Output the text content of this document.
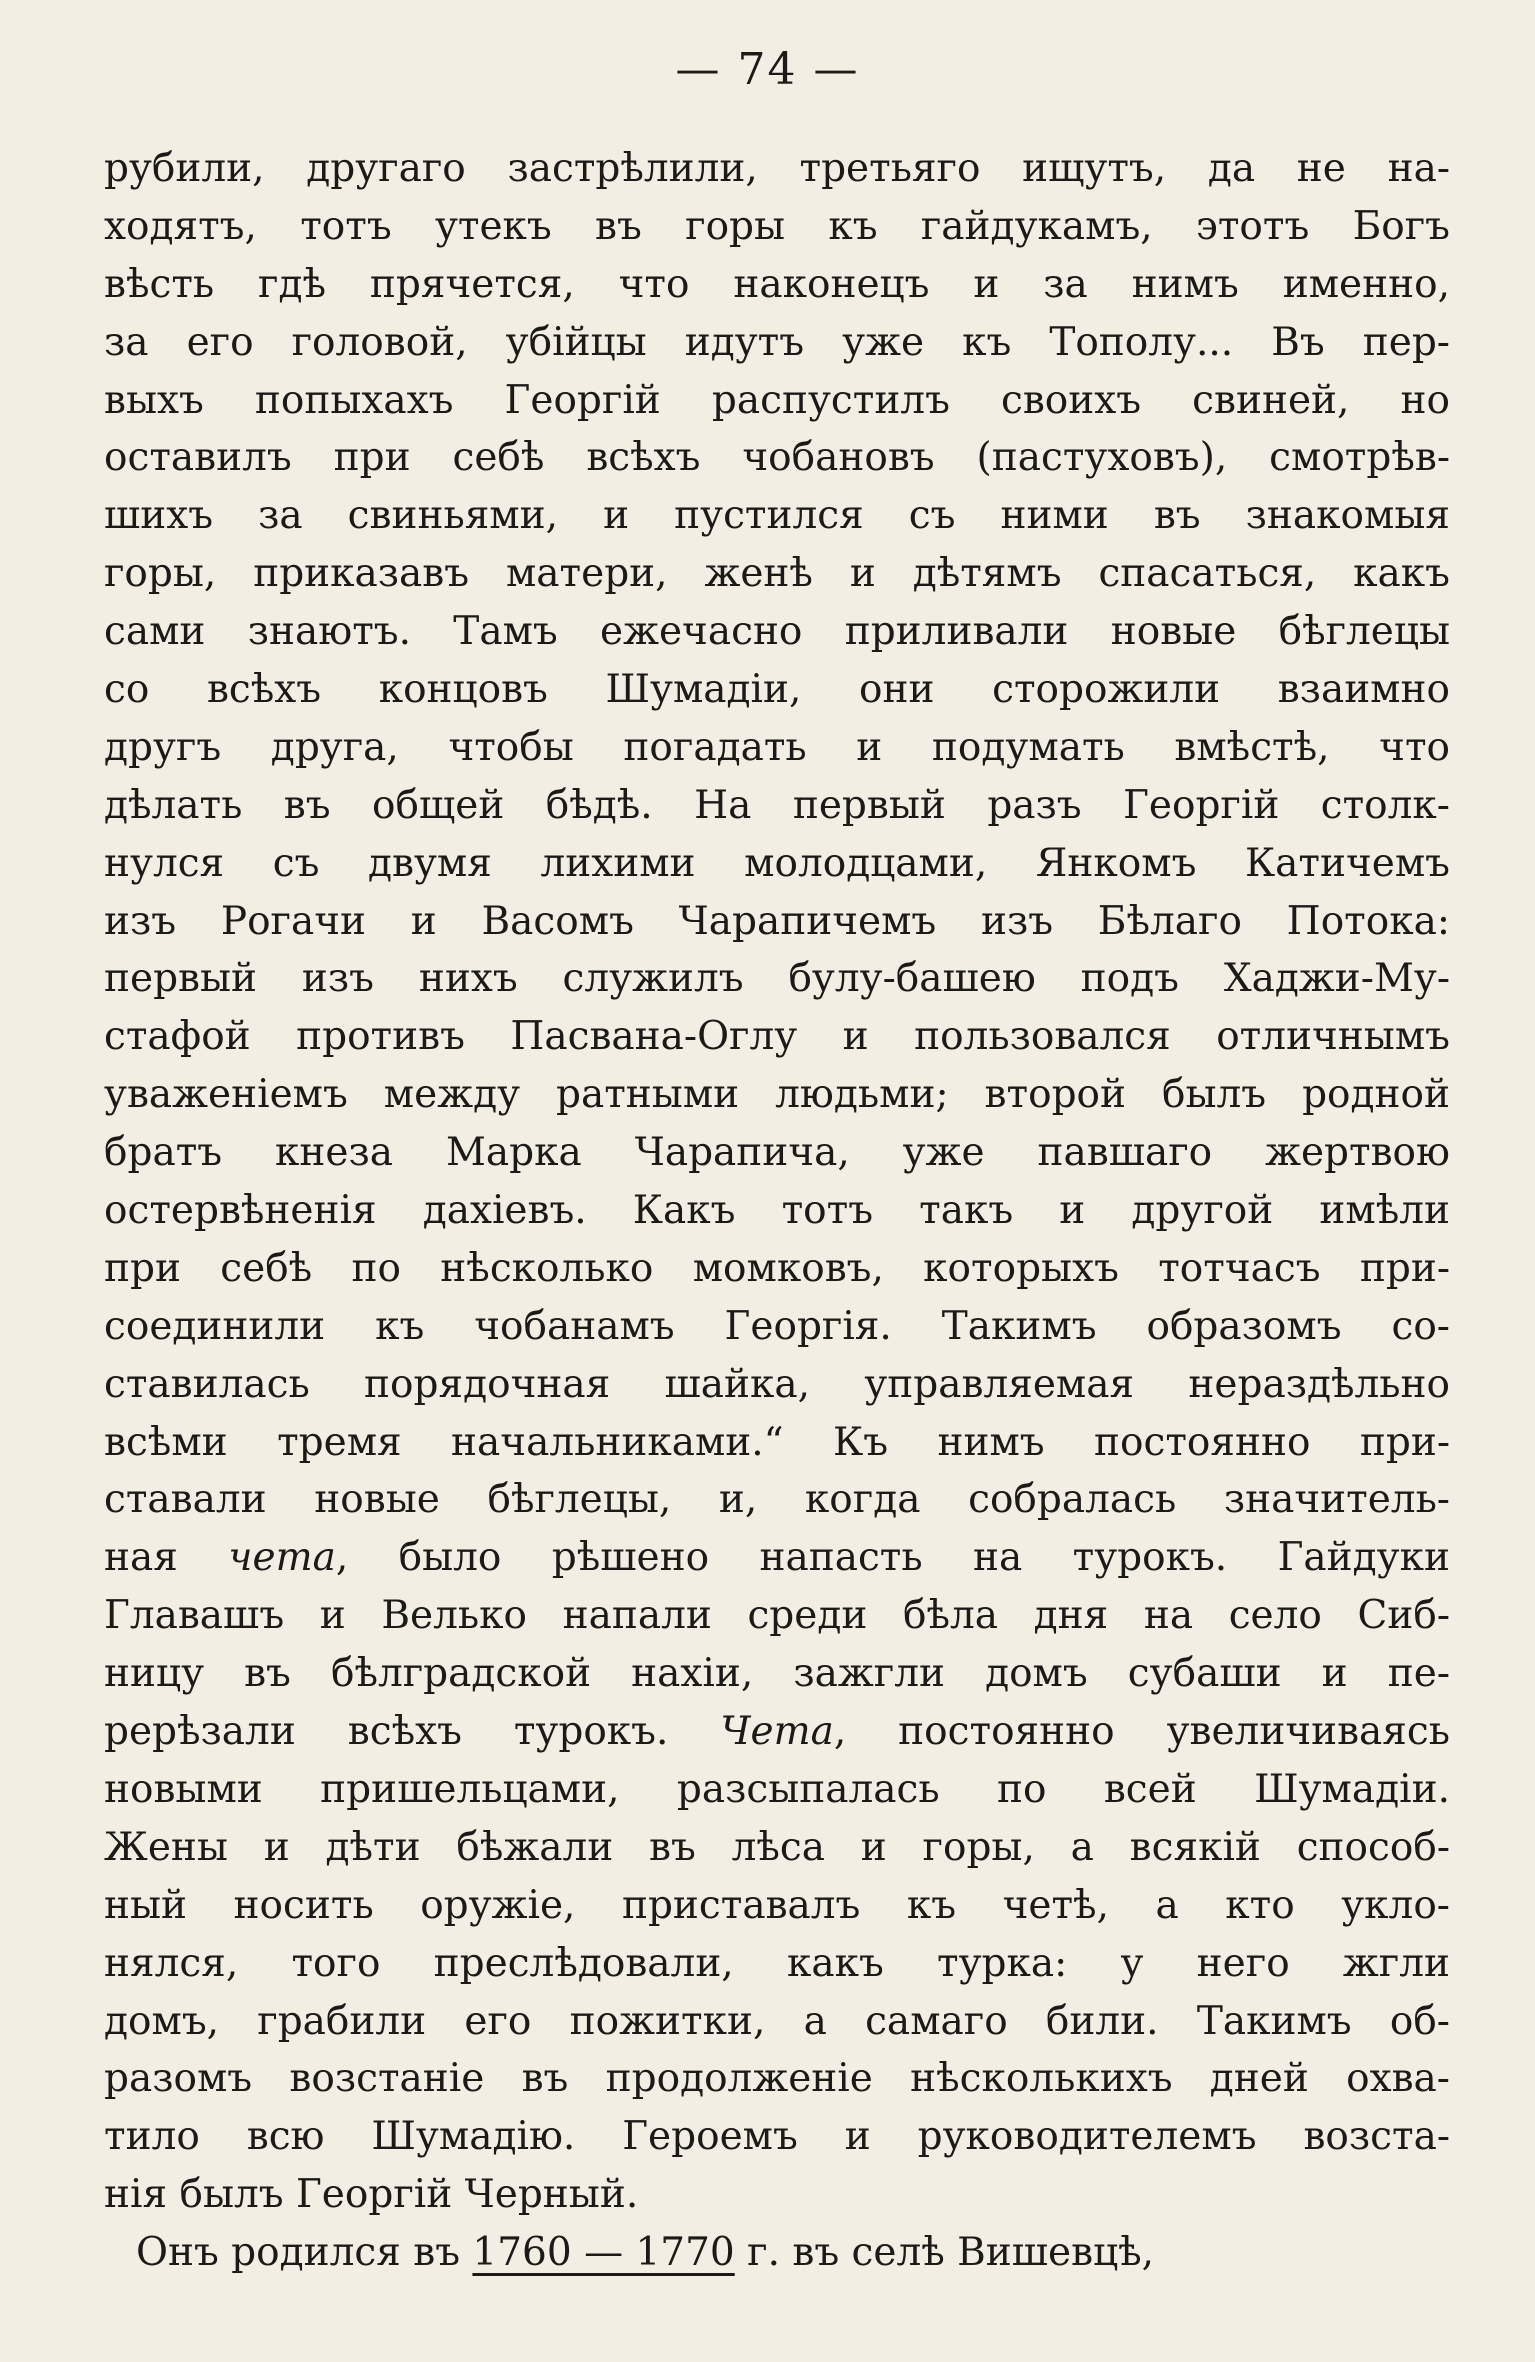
— 74 —
рубили, другаго застрѣлили, третьяго ищутъ, да не на-
ходятъ, тотъ утекъ въ горы къ гайдукамъ, этотъ Богъ
вѣсть гдѣ прячется, что наконецъ и за нимъ именно,
за его головой, убійцы идутъ уже къ Тополу... Въ пер-
выхъ попыхахъ Георгій распустилъ своихъ свиней, но
оставилъ при себѣ всѣхъ чобановъ (пастуховъ), смотрѣв-
шихъ за свиньями, и пустился съ ними въ знакомыя
горы, приказавъ матери, женѣ и дѣтямъ спасаться, какъ
сами знаютъ. Тамъ ежечасно приливали новые бѣглецы
со всѣхъ концовъ Шумадіи, они сторожили взаимно
другъ друга, чтобы погадать и подумать вмѣстѣ, что
дѣлать въ общей бѣдѣ. На первый разъ Георгій столк-
нулся съ двумя лихими молодцами, Янкомъ Катичемъ
изъ Рогачи и Васомъ Чарапичемъ изъ Бѣлаго Потока:
первый изъ нихъ служилъ булу-башею подъ Хаджи-Му-
стафой противъ Пасвана-Оглу и пользовался отличнымъ
уваженіемъ между ратными людьми; второй былъ родной
братъ кнеза Марка Чарапича, уже павшаго жертвою
остервѣненія дахіевъ. Какъ тотъ такъ и другой имѣли
при себѣ по нѣсколько момковъ, которыхъ тотчасъ при-
соединили къ чобанамъ Георгія. Такимъ образомъ со-
ставилась порядочная шайка, управляемая нераздѣльно
всѣми тремя начальниками.“ Къ нимъ постоянно при-
ставали новые бѣглецы, и, когда собралась значитель-
ная чета, было рѣшено напасть на турокъ. Гайдуки
Главашъ и Велько напали среди бѣла дня на село Сиб-
ницу въ бѣлградской нахіи, зажгли домъ субаши и пе-
рерѣзали всѣхъ турокъ. Чета, постоянно увеличиваясь
новыми пришельцами, разсыпалась по всей Шумадіи.
Жены и дѣти бѣжали въ лѣса и горы, а всякій способ-
ный носить оружіе, приставалъ къ четѣ, а кто укло-
нялся, того преслѣдовали, какъ турка: у него жгли
домъ, грабили его пожитки, а самаго били. Такимъ об-
разомъ возстаніе въ продолженіе нѣсколькихъ дней охва-
тило всю Шумадію. Героемъ и руководителемъ возста-
нія былъ Георгій Черный.
Онъ родился въ 1760 — 1770 г. въ селѣ Вишевцѣ,
